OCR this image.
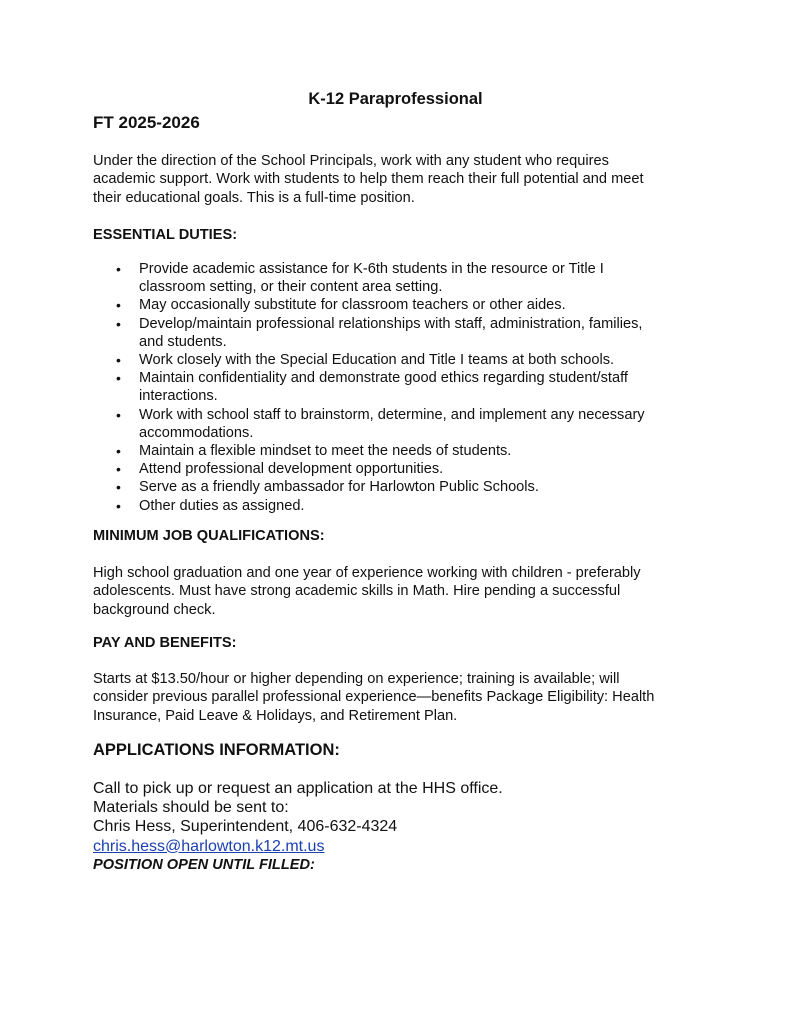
K-12 Paraprofessional
FT 2025-2026

Under the direction of the School Principals, work with any student who requires

academic support. Work with students to help them reach their full potential and meet

their educational goals. This is a full-time position.

ESSENTIAL DUTIES:
• Provide academic assistance for K-6th students in the resource or Title I
classroom setting, or their content area setting.
• May occasionally substitute for classroom teachers or other aides.
• Develop/maintain professional relationships with staff, administration, families,
and students.
• Work closely with the Special Education and Title I teams at both schools.
• Maintain confidentiality and demonstrate good ethics regarding student/staff
interactions.
• Work with school staff to brainstorm, determine, and implement any necessary
accommodations.
• Maintain a flexible mindset to meet the needs of students.
• Attend professional development opportunities.
• Serve as a friendly ambassador for Harlowton Public Schools.
• Other duties as assigned.
MINIMUM JOB QUALIFICATIONS:

High school graduation and one year of experience working with children - preferably

adolescents. Must have strong academic skills in Math. Hire pending a successful

background check.

PAY AND BENEFITS:

Starts at $13.50/hour or higher depending on experience; training is available; will

consider previous parallel professional experience—benefits Package Eligibility: Health

Insurance, Paid Leave & Holidays, and Retirement Plan.

APPLICATIONS INFORMATION:
Call to pick up or request an application at the HHS office.
Materials should be sent to:
Chris Hess, Superintendent, 406-632-4324
chris.hess@harlowton.k12.mt.us
POSITION OPEN UNTIL FILLED:
